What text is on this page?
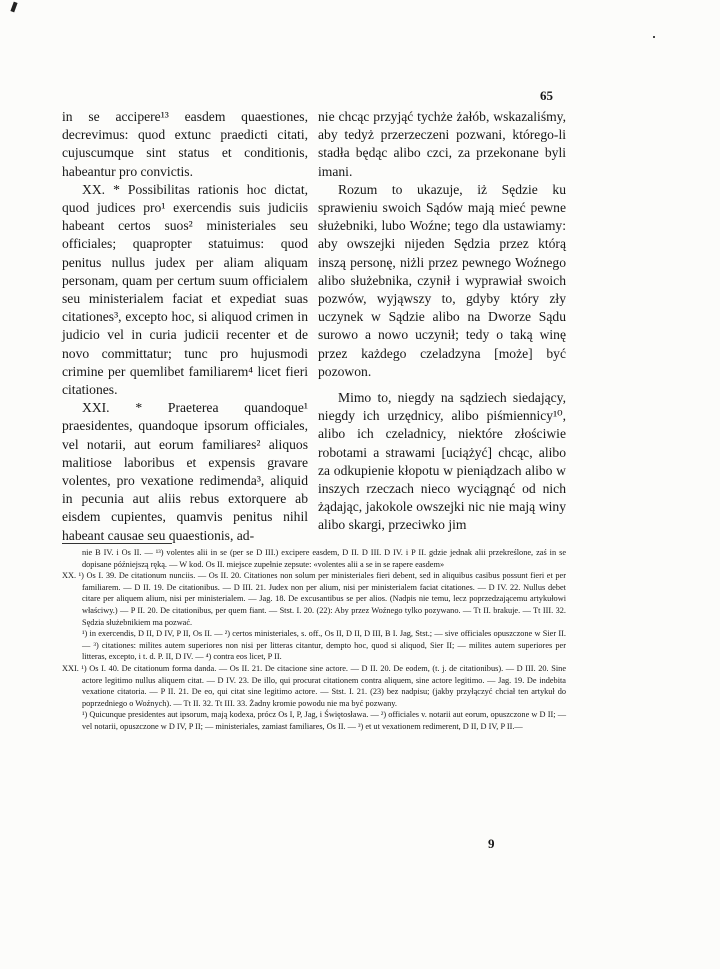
65

in se accipere¹³ easdem quaestiones, decrevimus: quod extunc praedicti citati, cujuscumque sint status et conditionis, habeantur pro convictis.

XX. * Possibilitas rationis hoc dictat, quod judices pro¹ exercendis suis judiciis habeant certos suos² ministeriales seu officiales; quapropter statuimus: quod penitus nullus judex per aliam aliquam personam, quam per certum suum officialem seu ministerialem faciat et expediat suas citationes³, excepto hoc, si aliquod crimen in judicio vel in curia judicii recenter et de novo committatur; tunc pro hujusmodi crimine per quemlibet familiarem⁴ licet fieri citationes.

XXI. * Praeterea quandoque¹ praesidentes, quandoque ipsorum officiales, vel notarii, aut eorum familiares² aliquos malitiose laboribus et expensis gravare volentes, pro vexatione redimenda³, aliquid in pecunia aut aliis rebus extorquere ab eisdem cupientes, quamvis penitus nihil habeant causae seu quaestionis, ad-

nie chcąc przyjąć tychże żałób, wskazaliśmy, aby tedyż przerzeczeni pozwani, którego-li stadła będąc alibo czci, za przekonane byli imani.

Rozum to ukazuje, iż Sędzie ku sprawieniu swoich Sądów mają mieć pewne służebniki, lubo Woźne; tego dla ustawiamy: aby owszejki nijeden Sędzia przez którą inszą personę, niżli przez pewnego Woźnego alibo służebnika, czynił i wyprawiał swoich pozwów, wyjąwszy to, gdyby który zły uczynek w Sądzie alibo na Dworze Sądu surowo a nowo uczynił; tedy o taką winę przez każdego czeladzyna [może] być pozowon.

Mimo to, niegdy na sądziech siedający, niegdy ich urzędnicy, alibo piśmiennicy¹⁰, alibo ich czeladnicy, niektóre złościwie robotami a strawami [uciążyć] chcąc, alibo za odkupienie kłopotu w pieniądzach alibo w inszych rzeczach nieco wyciągnąć od nich żądając, jakokole owszejki nic nie mają winy alibo skargi, przeciwko jim

nie B IV. i Os II. — ¹³) volentes alii in se (per se D III.) excipere easdem, D II. D III. D IV. i P II. gdzie jednak alii przekreślone, zaś in se dopisane późniejszą ręką. — W kod. Os II. miejsce zupełnie zepsute: «volentes alii a se in se rapere easdem»

XX. ¹) Os I. 39. De citationum nunciis. — Os II. 20. Citationes non solum per ministeriales fieri debent, sed in aliquibus casibus possunt fieri et per familiarem. — D II. 19. De citationibus. — D III. 21. Judex non per alium, nisi per ministerialem faciat citationes. — D IV. 22. Nullus debet citare per aliquem alium, nisi per ministerialem. — Jag. 18. De excusantibus se per alios. (Nadpis nie temu, lecz poprzedzającemu artykułowi właściwy.) — P II. 20. De citationibus, per quem fiant. — Stst. I. 20. (22): Aby przez Woźnego tylko pozywano. — Tt II. brakuje. — Tt III. 32. Sędzia służebnikiem ma pozwać.

¹) in exercendis, D II, D IV, P II, Os II. — ²) certos ministeriales, s. off., Os II, D II, D III, B I. Jag, Stst.; — sive officiales opuszczone w Sier II. — ³) citationes: milites autem superiores non nisi per litteras citantur, dempto hoc, quod si aliquod, Sier II; — milites autem superiores per litteras, excepto, i t. d. P. II, D IV. — ⁴) contra eos licet, P II.

XXI. ¹) Os I. 40. De citationum forma danda. — Os II. 21. De citacione sine actore. — D II. 20. De eodem, (t. j. de citationibus). — D III. 20. Sine actore legitimo nullus aliquem citat. — D IV. 23. De illo, qui procurat citationem contra aliquem, sine actore legitimo. — Jag. 19. De indebita vexatione citatoria. — P II. 21. De eo, qui citat sine legitimo actore. — Stst. I. 21. (23) bez nadpisu; (jakby przyłączyć chciał ten artykuł do poprzedniego o Woźnych). — Tt II. 32. Tt III. 33. Żadny kromie powodu nie ma być pozwany.

¹) Quicunque presidentes aut ipsorum, mają kodexa, prócz Os I, P, Jag, i Świętosława. — ²) officiales v. notarii aut eorum, opuszczone w D II; — vel notarii, opuszczone w D IV, P II; — ministeriales, zamiast familiares, Os II. — ³) et ut vexationem redimerent, D II, D IV, P II.—

9
